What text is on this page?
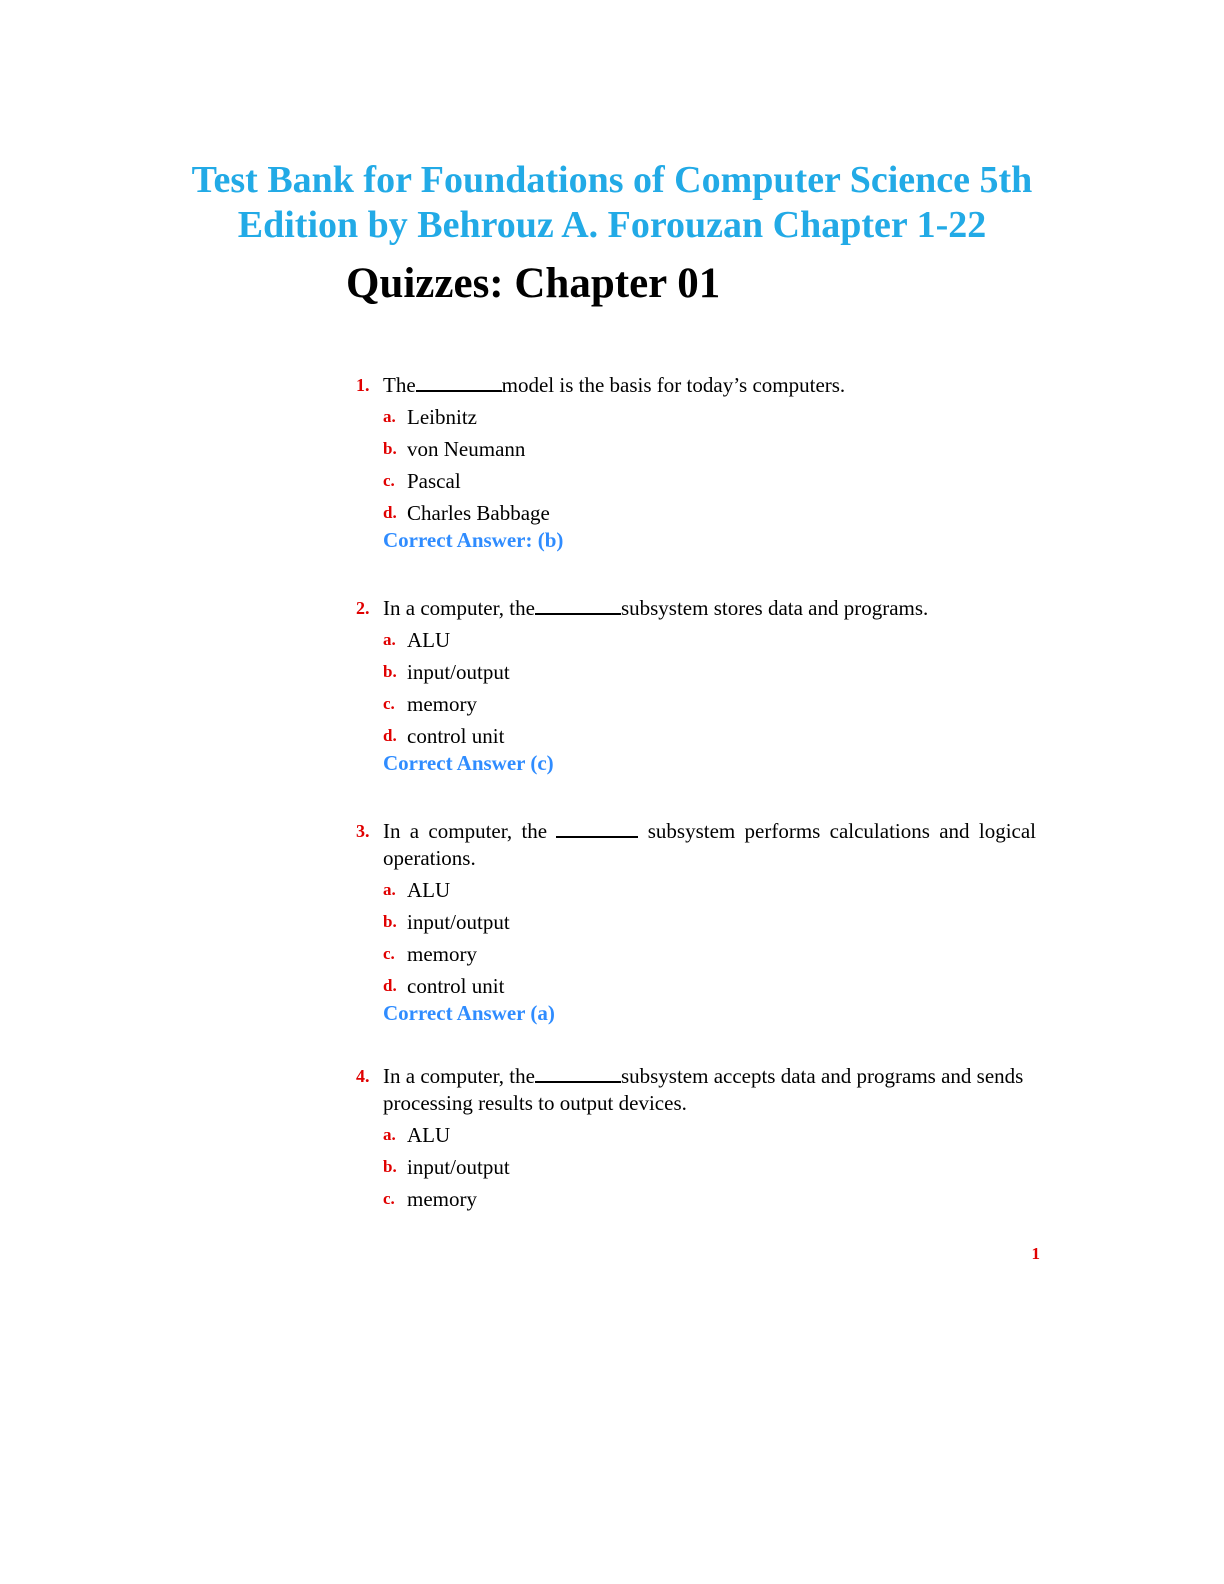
Test Bank for Foundations of Computer Science 5th
Edition by Behrouz A. Forouzan Chapter 1-22
Quizzes: Chapter 01
1. The	model is the basis for today’s computers.
a. Leibnitz
b. von Neumann
c. Pascal
d. Charles Babbage
Correct Answer: (b)
2. In a computer, the	subsystem stores data and programs.
a. ALU
b. input/output
c. memory
d. control unit
Correct Answer (c)
3. In a computer, the	subsystem performs calculations and logical operations.
a. ALU
b. input/output
c. memory
d. control unit
Correct Answer (a)
4. In a computer, the	subsystem accepts data and programs and sends processing results to output devices.
a. ALU
b. input/output
c. memory
1
